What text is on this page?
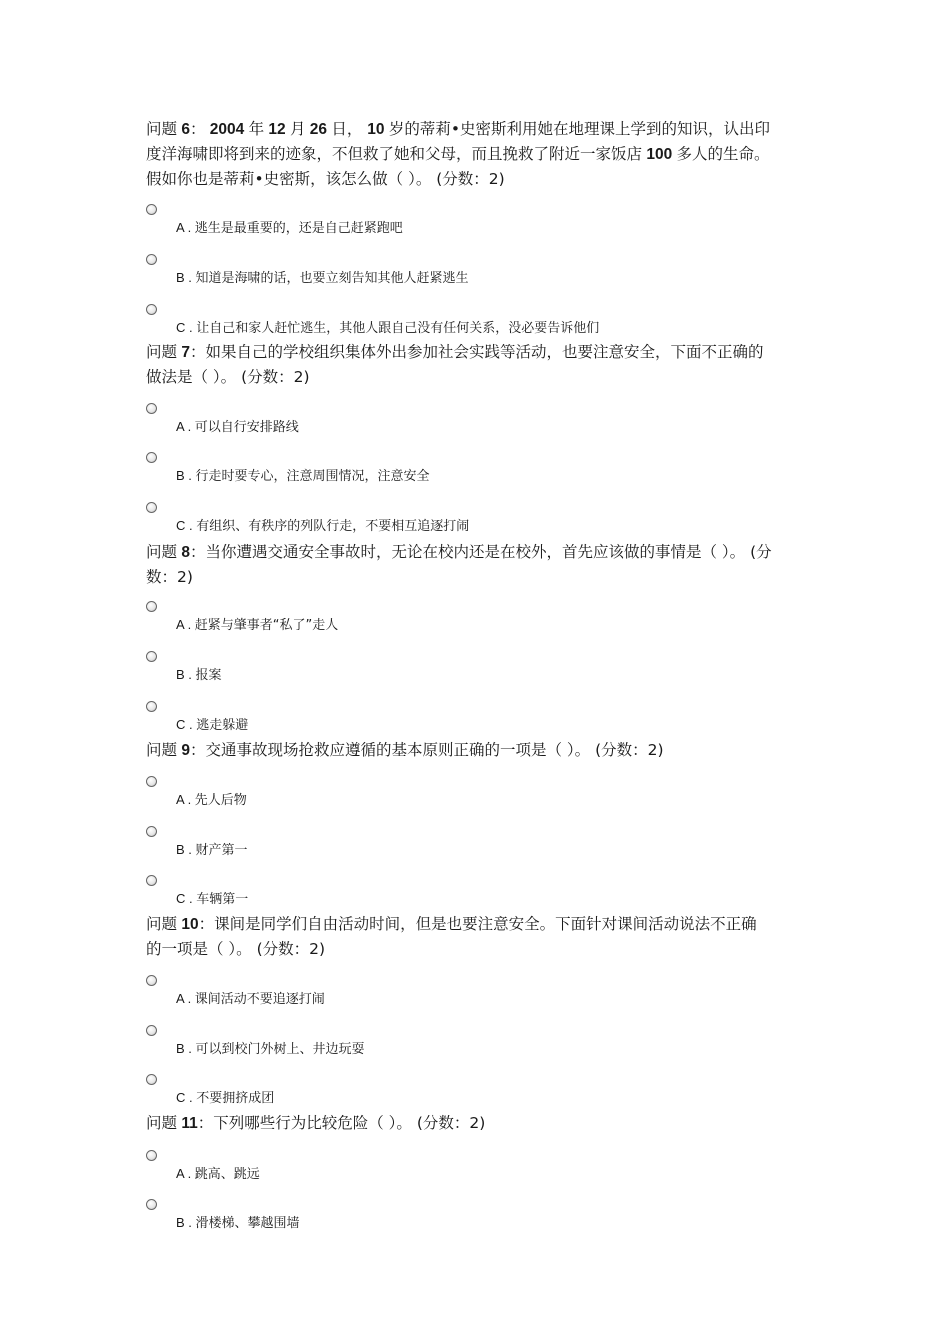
问题 6： 2004 年 12 月 26 日， 10 岁的蒂莉•史密斯利用她在地理课上学到的知识，认出印
度洋海啸即将到来的迹象，不但救了她和父母，而且挽救了附近一家饭店 100 多人的生命。
假如你也是蒂莉•史密斯，该怎么做（ ）。 (分数：2)
A . 逃生是最重要的，还是自己赶紧跑吧
B . 知道是海啸的话，也要立刻告知其他人赶紧逃生
C . 让自己和家人赶忙逃生，其他人跟自己没有任何关系，没必要告诉他们
问题 7：如果自己的学校组织集体外出参加社会实践等活动，也要注意安全，下面不正确的
做法是（ ）。 (分数：2)
A . 可以自行安排路线
B . 行走时要专心，注意周围情况，注意安全
C . 有组织、有秩序的列队行走，不要相互追逐打闹
问题 8：当你遭遇交通安全事故时，无论在校内还是在校外，首先应该做的事情是（ ）。 (分
数：2)
A . 赶紧与肇事者“私了”走人
B . 报案
C . 逃走躲避
问题 9：交通事故现场抢救应遵循的基本原则正确的一项是（ ）。 (分数：2)
A . 先人后物
B . 财产第一
C . 车辆第一
问题 10：课间是同学们自由活动时间，但是也要注意安全。下面针对课间活动说法不正确
的一项是（ ）。 (分数：2)
A . 课间活动不要追逐打闹
B . 可以到校门外树上、井边玩耍
C . 不要拥挤成团
问题 11：下列哪些行为比较危险（ ）。 (分数：2)
A . 跳高、跳远
B . 滑楼梯、攀越围墙
